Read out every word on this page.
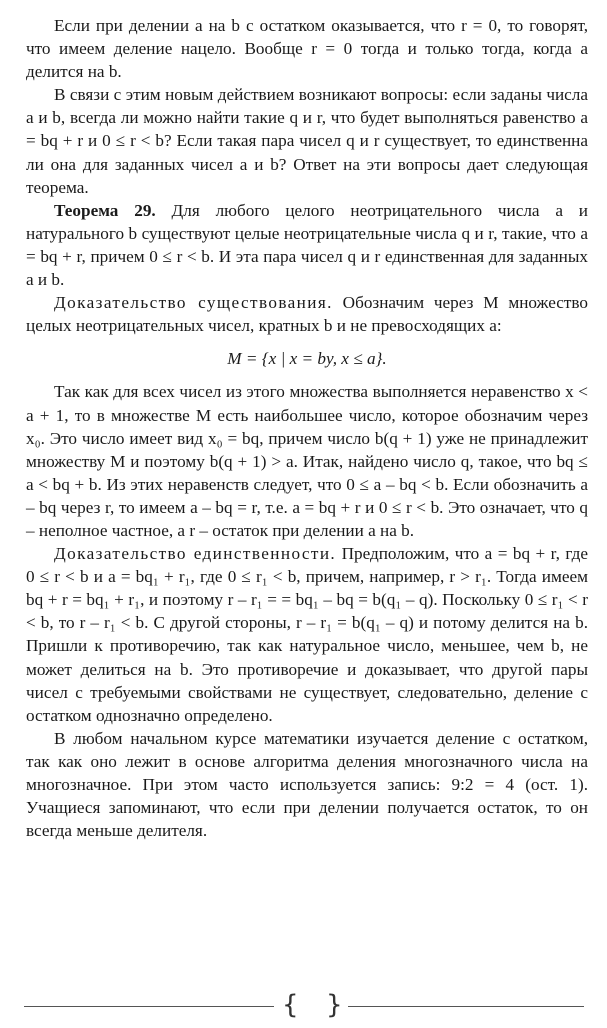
Если при делении a на b с остатком оказывается, что r = 0, то говорят, что имеем деление нацело. Вообще r = 0 тогда и только тогда, когда a делится на b.

В связи с этим новым действием возникают вопросы: если заданы числа a и b, всегда ли можно найти такие q и r, что будет выполняться равенство a = bq + r и 0 ≤ r < b? Если такая пара чисел q и r существует, то единственна ли она для заданных чисел a и b? Ответ на эти вопросы дает следующая теорема.

Теорема 29. Для любого целого неотрицательного числа a и натурального b существуют целые неотрицательные числа q и r, такие, что a = bq + r, причем 0 ≤ r < b. И эта пара чисел q и r единственная для заданных a и b.

Доказательство существования. Обозначим через M множество целых неотрицательных чисел, кратных b и не превосходящих a:

M = {x | x = by, x ≤ a}.

Так как для всех чисел из этого множества выполняется неравенство x < a + 1, то в множестве M есть наибольшее число, которое обозначим через x₀. Это число имеет вид x₀ = bq, причем число b(q + 1) уже не принадлежит множеству M и поэтому b(q + 1) > a. Итак, найдено число q, такое, что bq ≤ a < bq + b. Из этих неравенств следует, что 0 ≤ a – bq < b. Если обозначить a – bq через r, то имеем a – bq = r, т.е. a = bq + r и 0 ≤ r < b. Это означает, что q – неполное частное, а r – остаток при делении a на b.

Доказательство единственности. Предположим, что a = bq + r, где 0 ≤ r < b и a = bq₁ + r₁, где 0 ≤ r₁ < b, причем, например, r > r₁. Тогда имеем bq + r = bq₁ + r₁, и поэтому r – r₁ = = bq₁ – bq = b(q₁ – q). Поскольку 0 ≤ r₁ < r < b, то r – r₁ < b. С другой стороны, r – r₁ = b(q₁ – q) и потому делится на b. Пришли к противоречию, так как натуральное число, меньшее, чем b, не может делиться на b. Это противоречие и доказывает, что другой пары чисел с требуемыми свойствами не существует, следовательно, деление с остатком однозначно определено.

В любом начальном курсе математики изучается деление с остатком, так как оно лежит в основе алгоритма деления многозначного числа на многозначное. При этом часто используется запись: 9:2 = 4 (ост. 1). Учащиеся запоминают, что если при делении получается остаток, то он всегда меньше делителя.

{ }
